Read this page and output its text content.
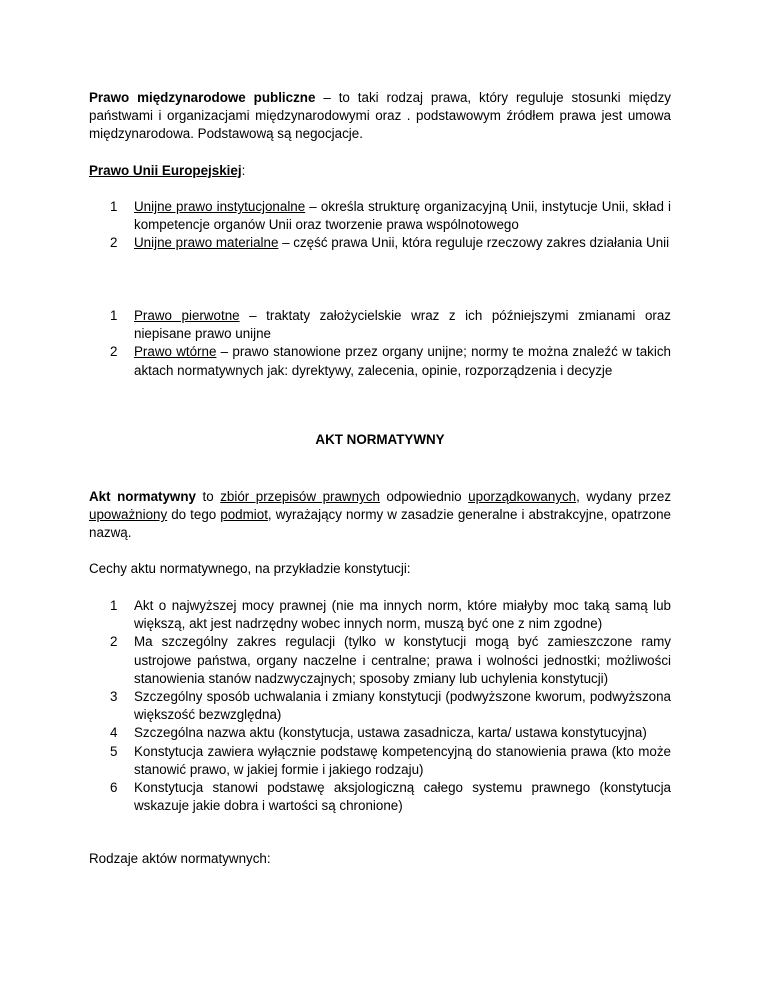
Prawo międzynarodowe publiczne – to taki rodzaj prawa, który reguluje stosunki między państwami i organizacjami międzynarodowymi oraz . podstawowym źródłem prawa jest umowa międzynarodowa. Podstawową są negocjacje.

Prawo Unii Europejskiej:

1 Unijne prawo instytucjonalne – określa strukturę organizacyjną Unii, instytucje Unii, skład i kompetencje organów Unii oraz tworzenie prawa wspólnotowego
2 Unijne prawo materialne – część prawa Unii, która reguluje rzeczowy zakres działania Unii
1 Prawo pierwotne – traktaty założycielskie wraz z ich późniejszymi zmianami oraz niepisane prawo unijne
2 Prawo wtórne – prawo stanowione przez organy unijne; normy te można znaleźć w takich aktach normatywnych jak: dyrektywy, zalecenia, opinie, rozporządzenia i decyzje

AKT NORMATYWNY

Akt normatywny to zbiór przepisów prawnych odpowiednio uporządkowanych, wydany przez upoważniony do tego podmiot, wyrażający normy w zasadzie generalne i abstrakcyjne, opatrzone nazwą.

Cechy aktu normatywnego, na przykładzie konstytucji:

1 Akt o najwyższej mocy prawnej (nie ma innych norm, które miałyby moc taką samą lub większą, akt jest nadrzędny wobec innych norm, muszą być one z nim zgodne)
2 Ma szczególny zakres regulacji (tylko w konstytucji mogą być zamieszczone ramy ustrojowe państwa, organy naczelne i centralne; prawa i wolności jednostki; możliwości stanowienia stanów nadzwyczajnych; sposoby zmiany lub uchylenia konstytucji)
3 Szczególny sposób uchwalania i zmiany konstytucji (podwyższone kworum, podwyższona większość bezwzględna)
4 Szczególna nazwa aktu (konstytucja, ustawa zasadnicza, karta/ ustawa konstytucyjna)
5 Konstytucja zawiera wyłącznie podstawę kompetencyjną do stanowienia prawa (kto może stanowić prawo, w jakiej formie i jakiego rodzaju)
6 Konstytucja stanowi podstawę aksjologiczną całego systemu prawnego (konstytucja wskazuje jakie dobra i wartości są chronione)

Rodzaje aktów normatywnych:
